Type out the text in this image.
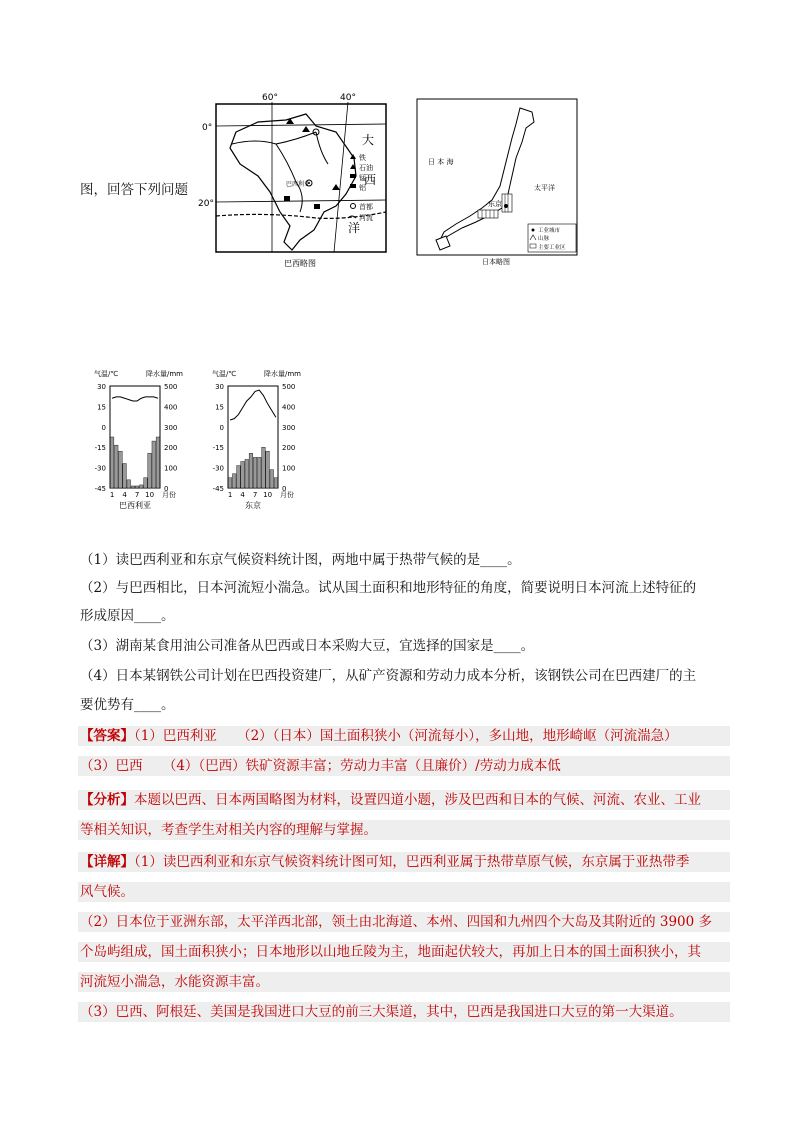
图，回答下列问题
60°	40°
0°
20°
大
西
洋
巴西利亚
铁
石油
锰
铝
首都
河流
巴西略图
日 本 海
太平洋
东京
工业城市
山脉
主要工业区
日本略图
30
15
0
-15
-30
-45
500
400
300
200
100
0
1 4 7 10 月份
气温/℃	降水量/mm
巴西利亚
30
15
0
-15
-30
-45
500
400
300
200
100
0
1 4 7 10 月份
气温/℃	降水量/mm
东京
（1）读巴西利亚和东京气候资料统计图，两地中属于热带气候的是____。
（2）与巴西相比，日本河流短小湍急。试从国土面积和地形特征的角度，简要说明日本河流上述特征的
形成原因____。
（3）湖南某食用油公司准备从巴西或日本采购大豆，宜选择的国家是____。
（4）日本某钢铁公司计划在巴西投资建厂，从矿产资源和劳动力成本分析，该钢铁公司在巴西建厂的主
要优势有____。
【答案】（1）巴西利亚　　（2）（日本）国土面积狭小（河流每小），多山地，地形崎岖（河流湍急）
（3）巴西　　（4）（巴西）铁矿资源丰富；劳动力丰富（且廉价）/劳动力成本低
【分析】本题以巴西、日本两国略图为材料，设置四道小题，涉及巴西和日本的气候、河流、农业、工业
等相关知识，考查学生对相关内容的理解与掌握。
【详解】（1）读巴西利亚和东京气候资料统计图可知，巴西利亚属于热带草原气候，东京属于亚热带季
风气候。
（2）日本位于亚洲东部，太平洋西北部，领土由北海道、本州、四国和九州四个大岛及其附近的 3900 多
个岛屿组成，国土面积狭小；日本地形以山地丘陵为主，地面起伏较大，再加上日本的国土面积狭小，其
河流短小湍急，水能资源丰富。
（3）巴西、阿根廷、美国是我国进口大豆的前三大渠道，其中，巴西是我国进口大豆的第一大渠道。
